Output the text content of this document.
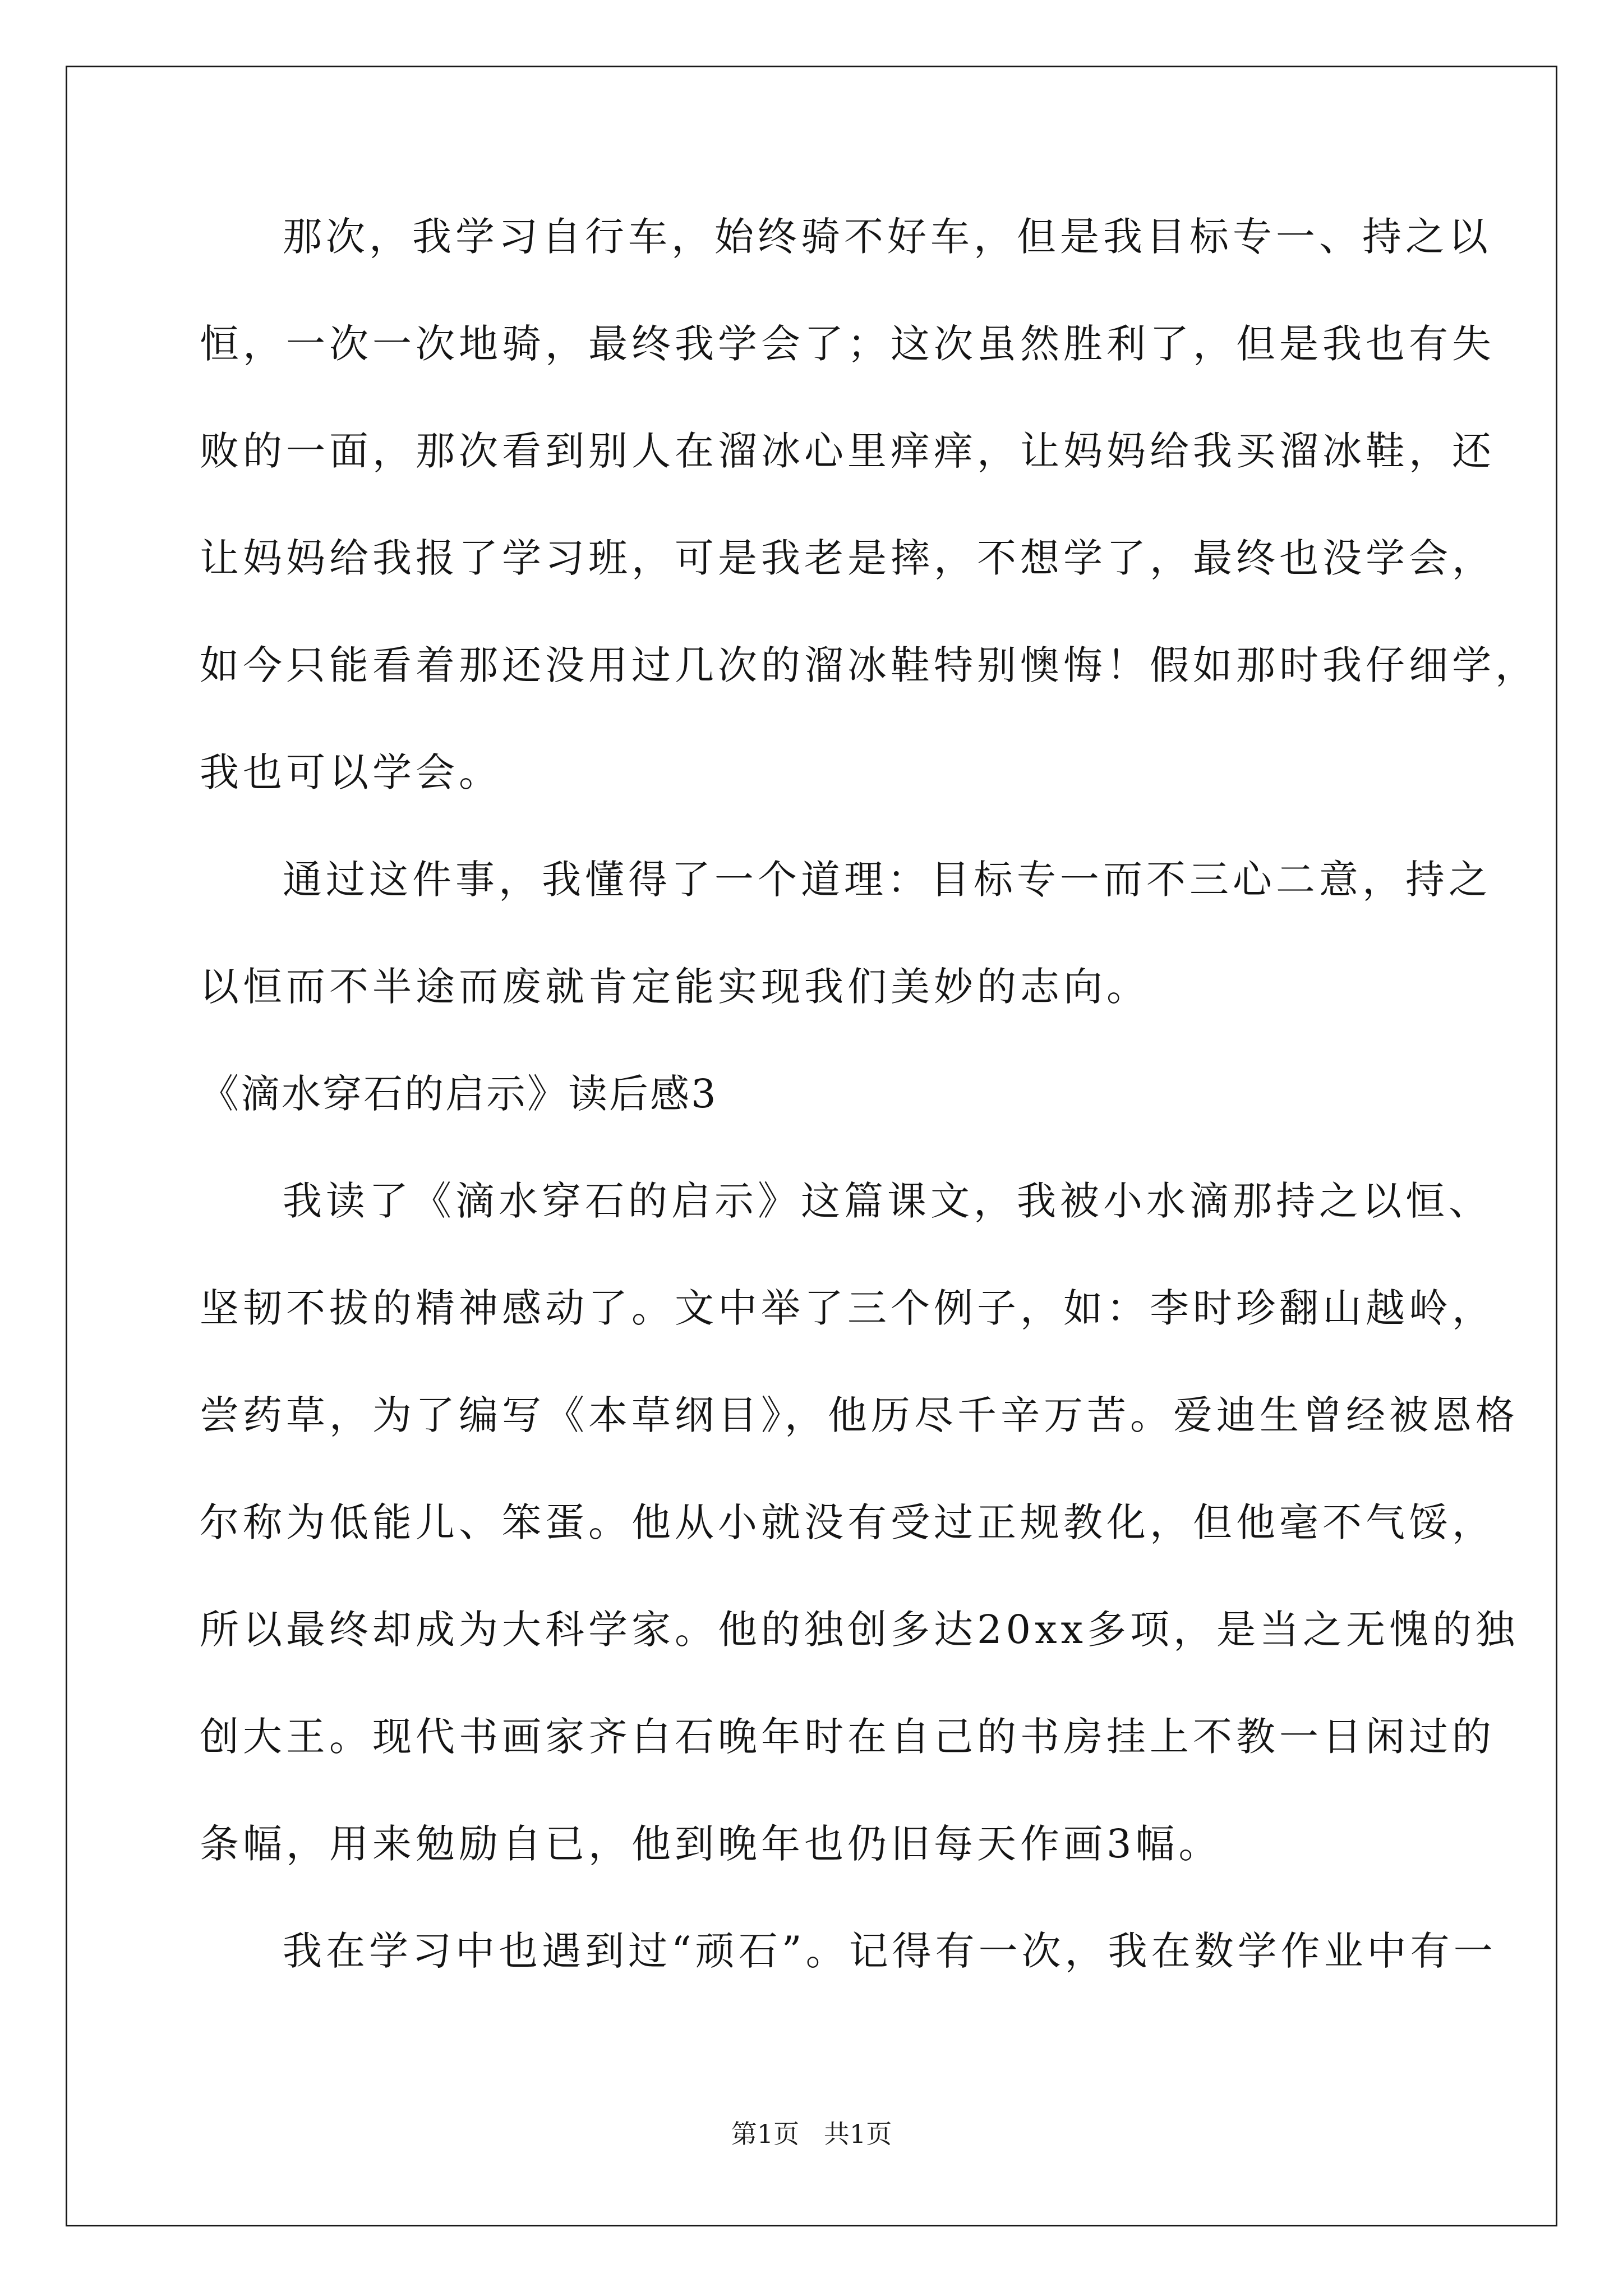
那次，我学习自行车，始终骑不好车，但是我目标专一、持之以
恒，一次一次地骑，最终我学会了；这次虽然胜利了，但是我也有失
败的一面，那次看到别人在溜冰心里痒痒，让妈妈给我买溜冰鞋，还
让妈妈给我报了学习班，可是我老是摔，不想学了，最终也没学会，
如今只能看着那还没用过几次的溜冰鞋特别懊悔！假如那时我仔细学，
我也可以学会。
通过这件事，我懂得了一个道理：目标专一而不三心二意，持之
以恒而不半途而废就肯定能实现我们美妙的志向。
《滴水穿石的启示》读后感3
我读了《滴水穿石的启示》这篇课文，我被小水滴那持之以恒、
坚韧不拔的精神感动了。文中举了三个例子，如：李时珍翻山越岭，
尝药草，为了编写《本草纲目》，他历尽千辛万苦。爱迪生曾经被恩格
尔称为低能儿、笨蛋。他从小就没有受过正规教化，但他毫不气馁，
所以最终却成为大科学家。他的独创多达20xx多项，是当之无愧的独
创大王。现代书画家齐白石晚年时在自己的书房挂上不教一日闲过的
条幅，用来勉励自已，他到晚年也仍旧每天作画3幅。
我在学习中也遇到过“顽石”。记得有一次，我在数学作业中有一
第1页   共1页
